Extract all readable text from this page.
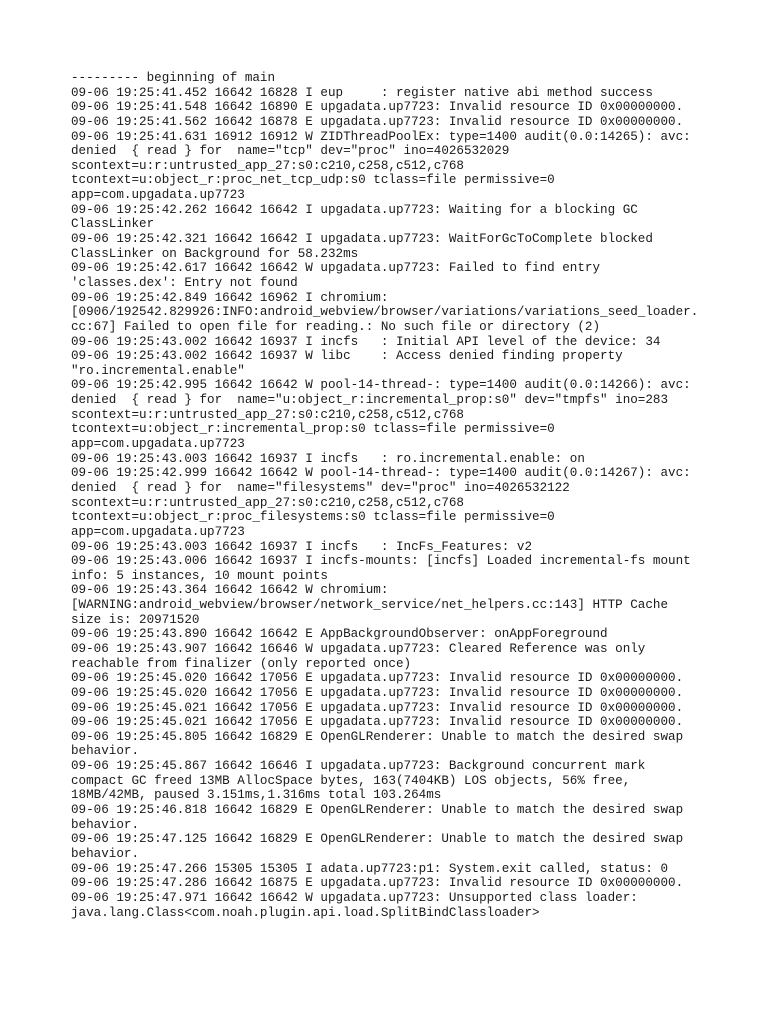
--------- beginning of main
09-06 19:25:41.452 16642 16828 I eup     : register native abi method success
09-06 19:25:41.548 16642 16890 E upgadata.up7723: Invalid resource ID 0x00000000.
09-06 19:25:41.562 16642 16878 E upgadata.up7723: Invalid resource ID 0x00000000.
09-06 19:25:41.631 16912 16912 W ZIDThreadPoolEx: type=1400 audit(0.0:14265): avc:
denied  { read } for  name="tcp" dev="proc" ino=4026532029
scontext=u:r:untrusted_app_27:s0:c210,c258,c512,c768
tcontext=u:object_r:proc_net_tcp_udp:s0 tclass=file permissive=0
app=com.upgadata.up7723
09-06 19:25:42.262 16642 16642 I upgadata.up7723: Waiting for a blocking GC
ClassLinker
09-06 19:25:42.321 16642 16642 I upgadata.up7723: WaitForGcToComplete blocked
ClassLinker on Background for 58.232ms
09-06 19:25:42.617 16642 16642 W upgadata.up7723: Failed to find entry
'classes.dex': Entry not found
09-06 19:25:42.849 16642 16962 I chromium:
[0906/192542.829926:INFO:android_webview/browser/variations/variations_seed_loader.
cc:67] Failed to open file for reading.: No such file or directory (2)
09-06 19:25:43.002 16642 16937 I incfs   : Initial API level of the device: 34
09-06 19:25:43.002 16642 16937 W libc    : Access denied finding property
"ro.incremental.enable"
09-06 19:25:42.995 16642 16642 W pool-14-thread-: type=1400 audit(0.0:14266): avc:
denied  { read } for  name="u:object_r:incremental_prop:s0" dev="tmpfs" ino=283
scontext=u:r:untrusted_app_27:s0:c210,c258,c512,c768
tcontext=u:object_r:incremental_prop:s0 tclass=file permissive=0
app=com.upgadata.up7723
09-06 19:25:43.003 16642 16937 I incfs   : ro.incremental.enable: on
09-06 19:25:42.999 16642 16642 W pool-14-thread-: type=1400 audit(0.0:14267): avc:
denied  { read } for  name="filesystems" dev="proc" ino=4026532122
scontext=u:r:untrusted_app_27:s0:c210,c258,c512,c768
tcontext=u:object_r:proc_filesystems:s0 tclass=file permissive=0
app=com.upgadata.up7723
09-06 19:25:43.003 16642 16937 I incfs   : IncFs_Features: v2
09-06 19:25:43.006 16642 16937 I incfs-mounts: [incfs] Loaded incremental-fs mount
info: 5 instances, 10 mount points
09-06 19:25:43.364 16642 16642 W chromium:
[WARNING:android_webview/browser/network_service/net_helpers.cc:143] HTTP Cache
size is: 20971520
09-06 19:25:43.890 16642 16642 E AppBackgroundObserver: onAppForeground
09-06 19:25:43.907 16642 16646 W upgadata.up7723: Cleared Reference was only
reachable from finalizer (only reported once)
09-06 19:25:45.020 16642 17056 E upgadata.up7723: Invalid resource ID 0x00000000.
09-06 19:25:45.020 16642 17056 E upgadata.up7723: Invalid resource ID 0x00000000.
09-06 19:25:45.021 16642 17056 E upgadata.up7723: Invalid resource ID 0x00000000.
09-06 19:25:45.021 16642 17056 E upgadata.up7723: Invalid resource ID 0x00000000.
09-06 19:25:45.805 16642 16829 E OpenGLRenderer: Unable to match the desired swap
behavior.
09-06 19:25:45.867 16642 16646 I upgadata.up7723: Background concurrent mark
compact GC freed 13MB AllocSpace bytes, 163(7404KB) LOS objects, 56% free,
18MB/42MB, paused 3.151ms,1.316ms total 103.264ms
09-06 19:25:46.818 16642 16829 E OpenGLRenderer: Unable to match the desired swap
behavior.
09-06 19:25:47.125 16642 16829 E OpenGLRenderer: Unable to match the desired swap
behavior.
09-06 19:25:47.266 15305 15305 I adata.up7723:p1: System.exit called, status: 0
09-06 19:25:47.286 16642 16875 E upgadata.up7723: Invalid resource ID 0x00000000.
09-06 19:25:47.971 16642 16642 W upgadata.up7723: Unsupported class loader:
java.lang.Class<com.noah.plugin.api.load.SplitBindClassloader>
